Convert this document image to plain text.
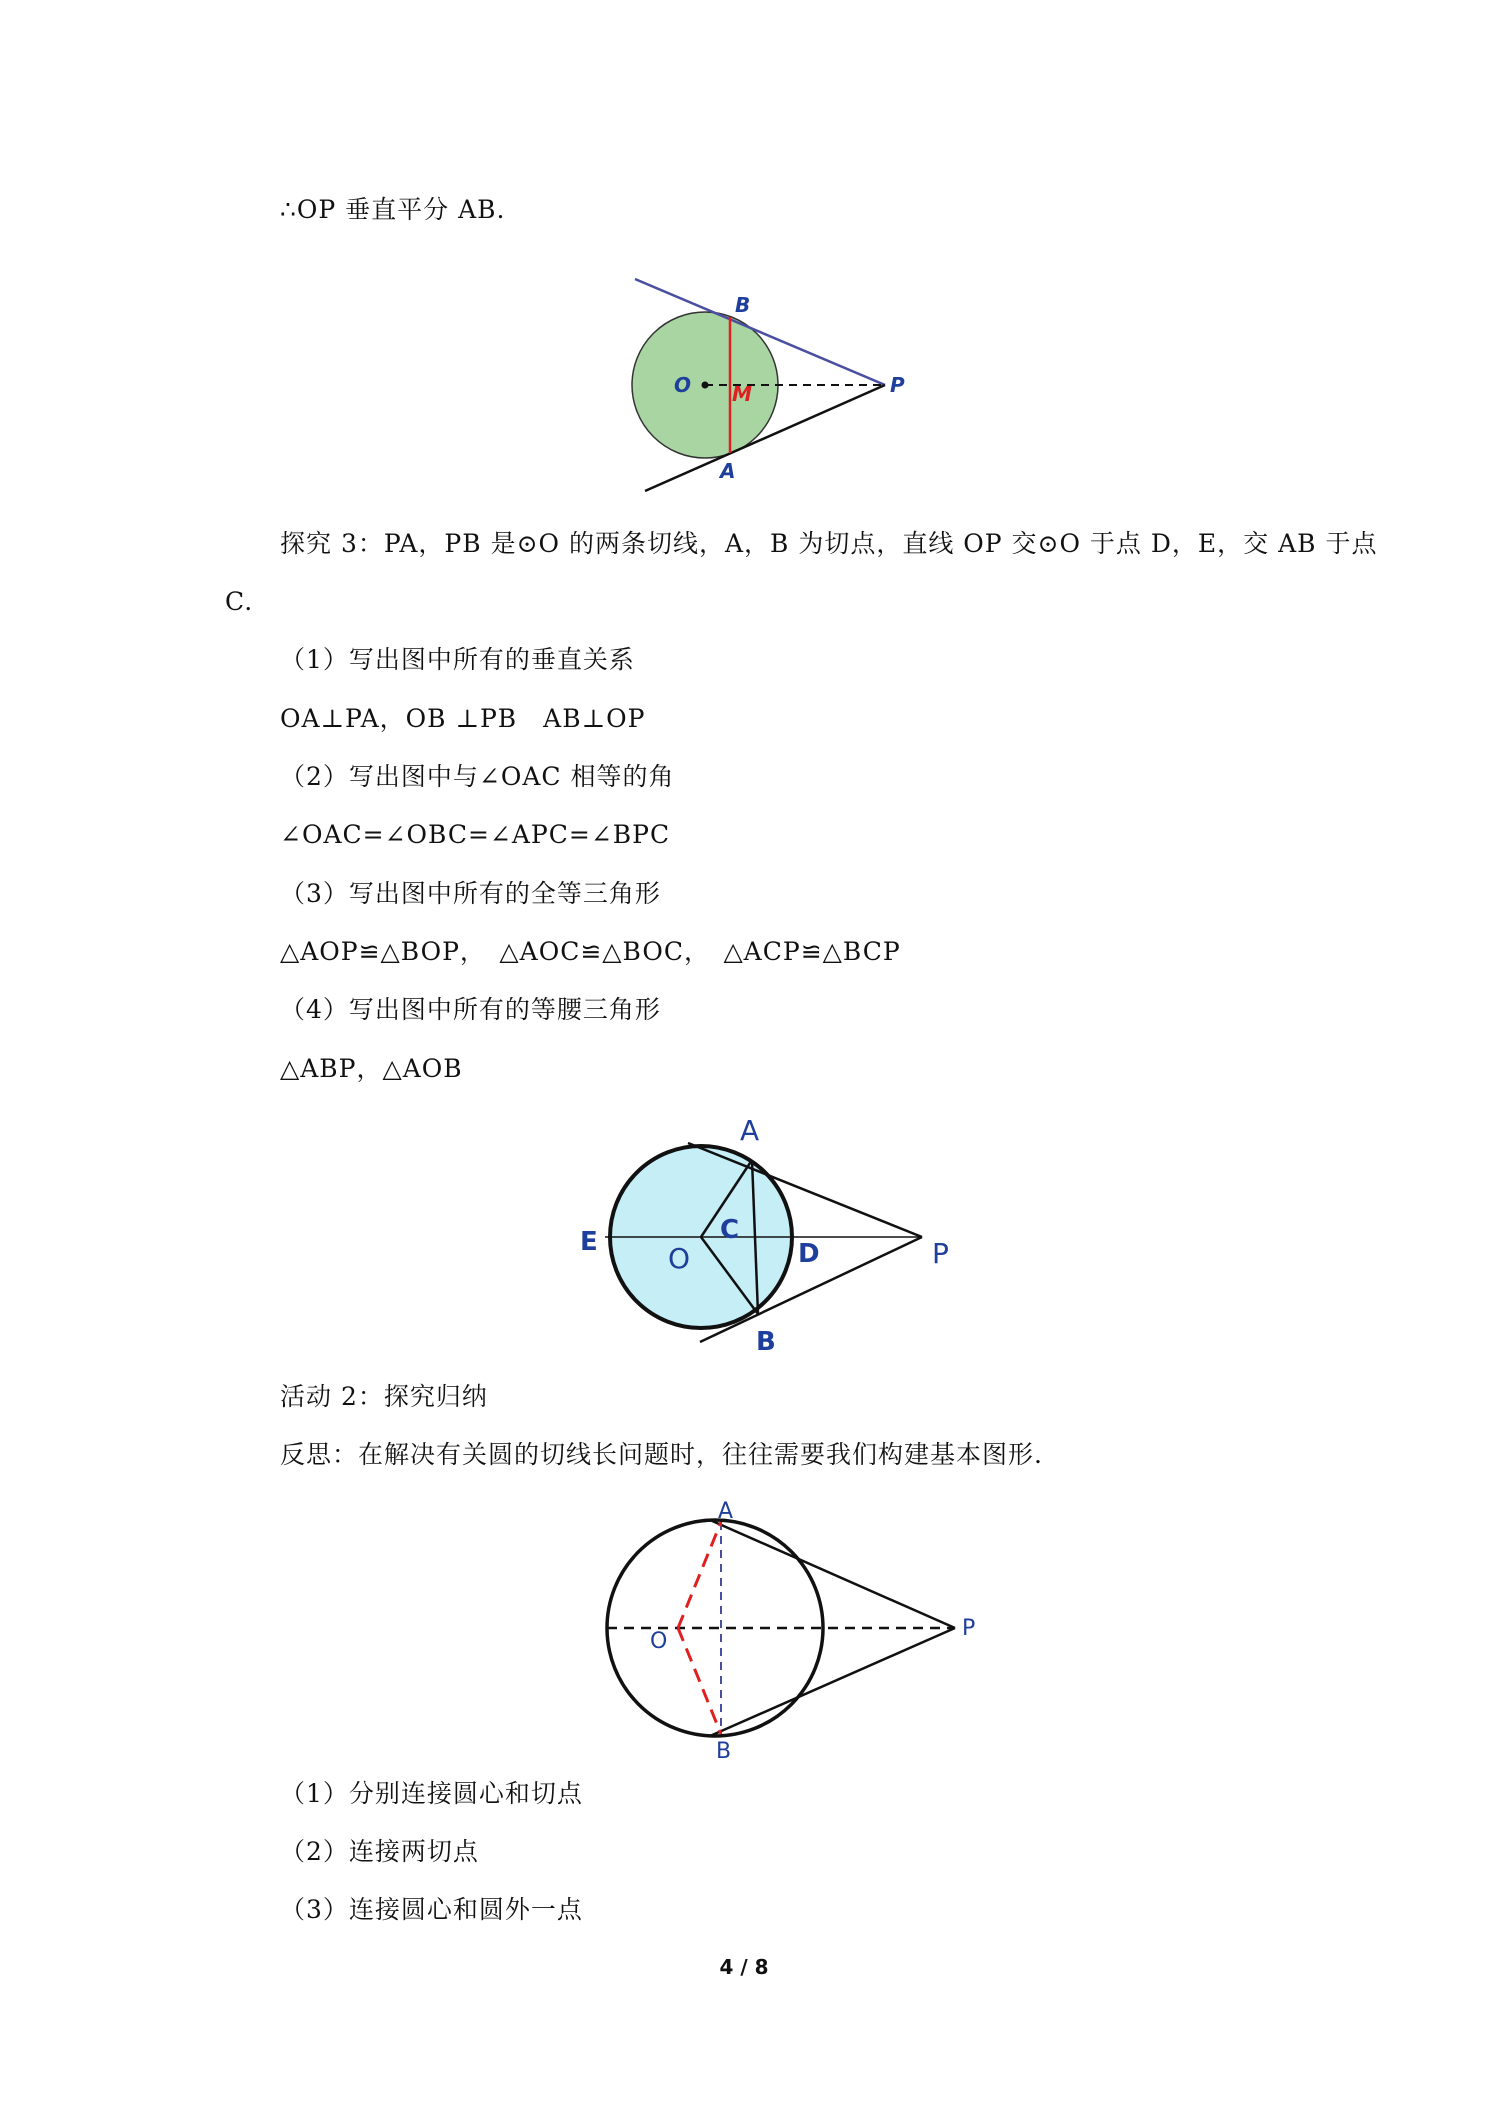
∴OP 垂直平分 AB.
B
O M	P
A
探究 3：PA，PB 是⊙O 的两条切线，A，B 为切点，直线 OP 交⊙O 于点 D，E，交 AB 于点
C.
（1）写出图中所有的垂直关系
OA⊥PA，OB ⊥PB　AB⊥OP
（2）写出图中与∠OAC 相等的角
∠OAC=∠OBC=∠APC=∠BPC
（3）写出图中所有的全等三角形
△AOP≌△BOP，　△AOC≌△BOC，　△ACP≌△BCP
（4）写出图中所有的等腰三角形
△ABP，△AOB
A
C
E	O	D	P
B
活动 2：探究归纳
反思：在解决有关圆的切线长问题时，往往需要我们构建基本图形.
A
O
P
B
（1）分别连接圆心和切点
（2）连接两切点
（3）连接圆心和圆外一点
4 / 8
